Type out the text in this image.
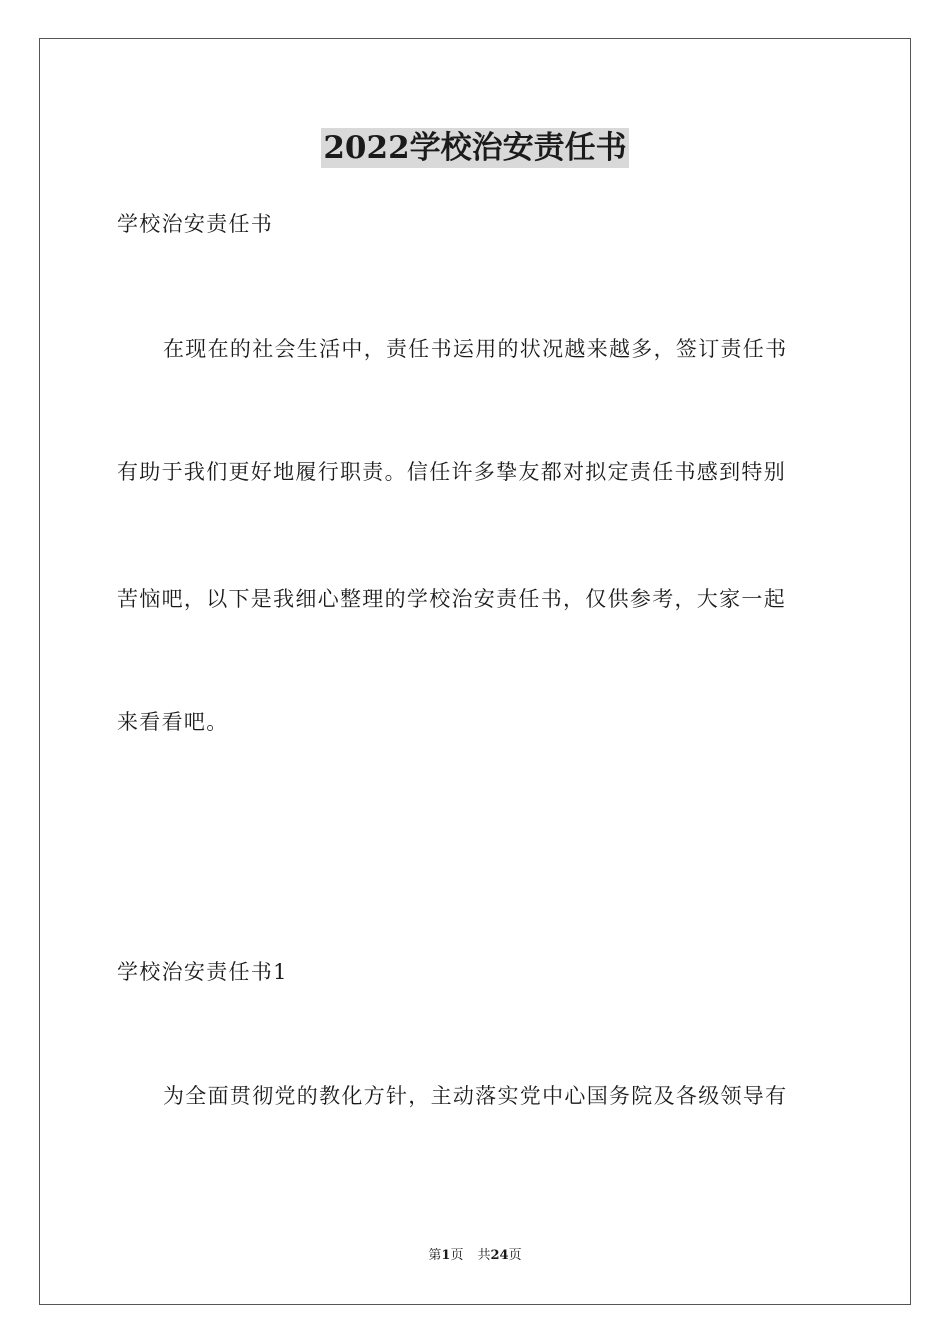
2022学校治安责任书
学校治安责任书
在现在的社会生活中，责任书运用的状况越来越多，签订责任书
有助于我们更好地履行职责。信任许多挚友都对拟定责任书感到特别
苦恼吧，以下是我细心整理的学校治安责任书，仅供参考，大家一起
来看看吧。
学校治安责任书1
为全面贯彻党的教化方针，主动落实党中心国务院及各级领导有
第1页 共24页
